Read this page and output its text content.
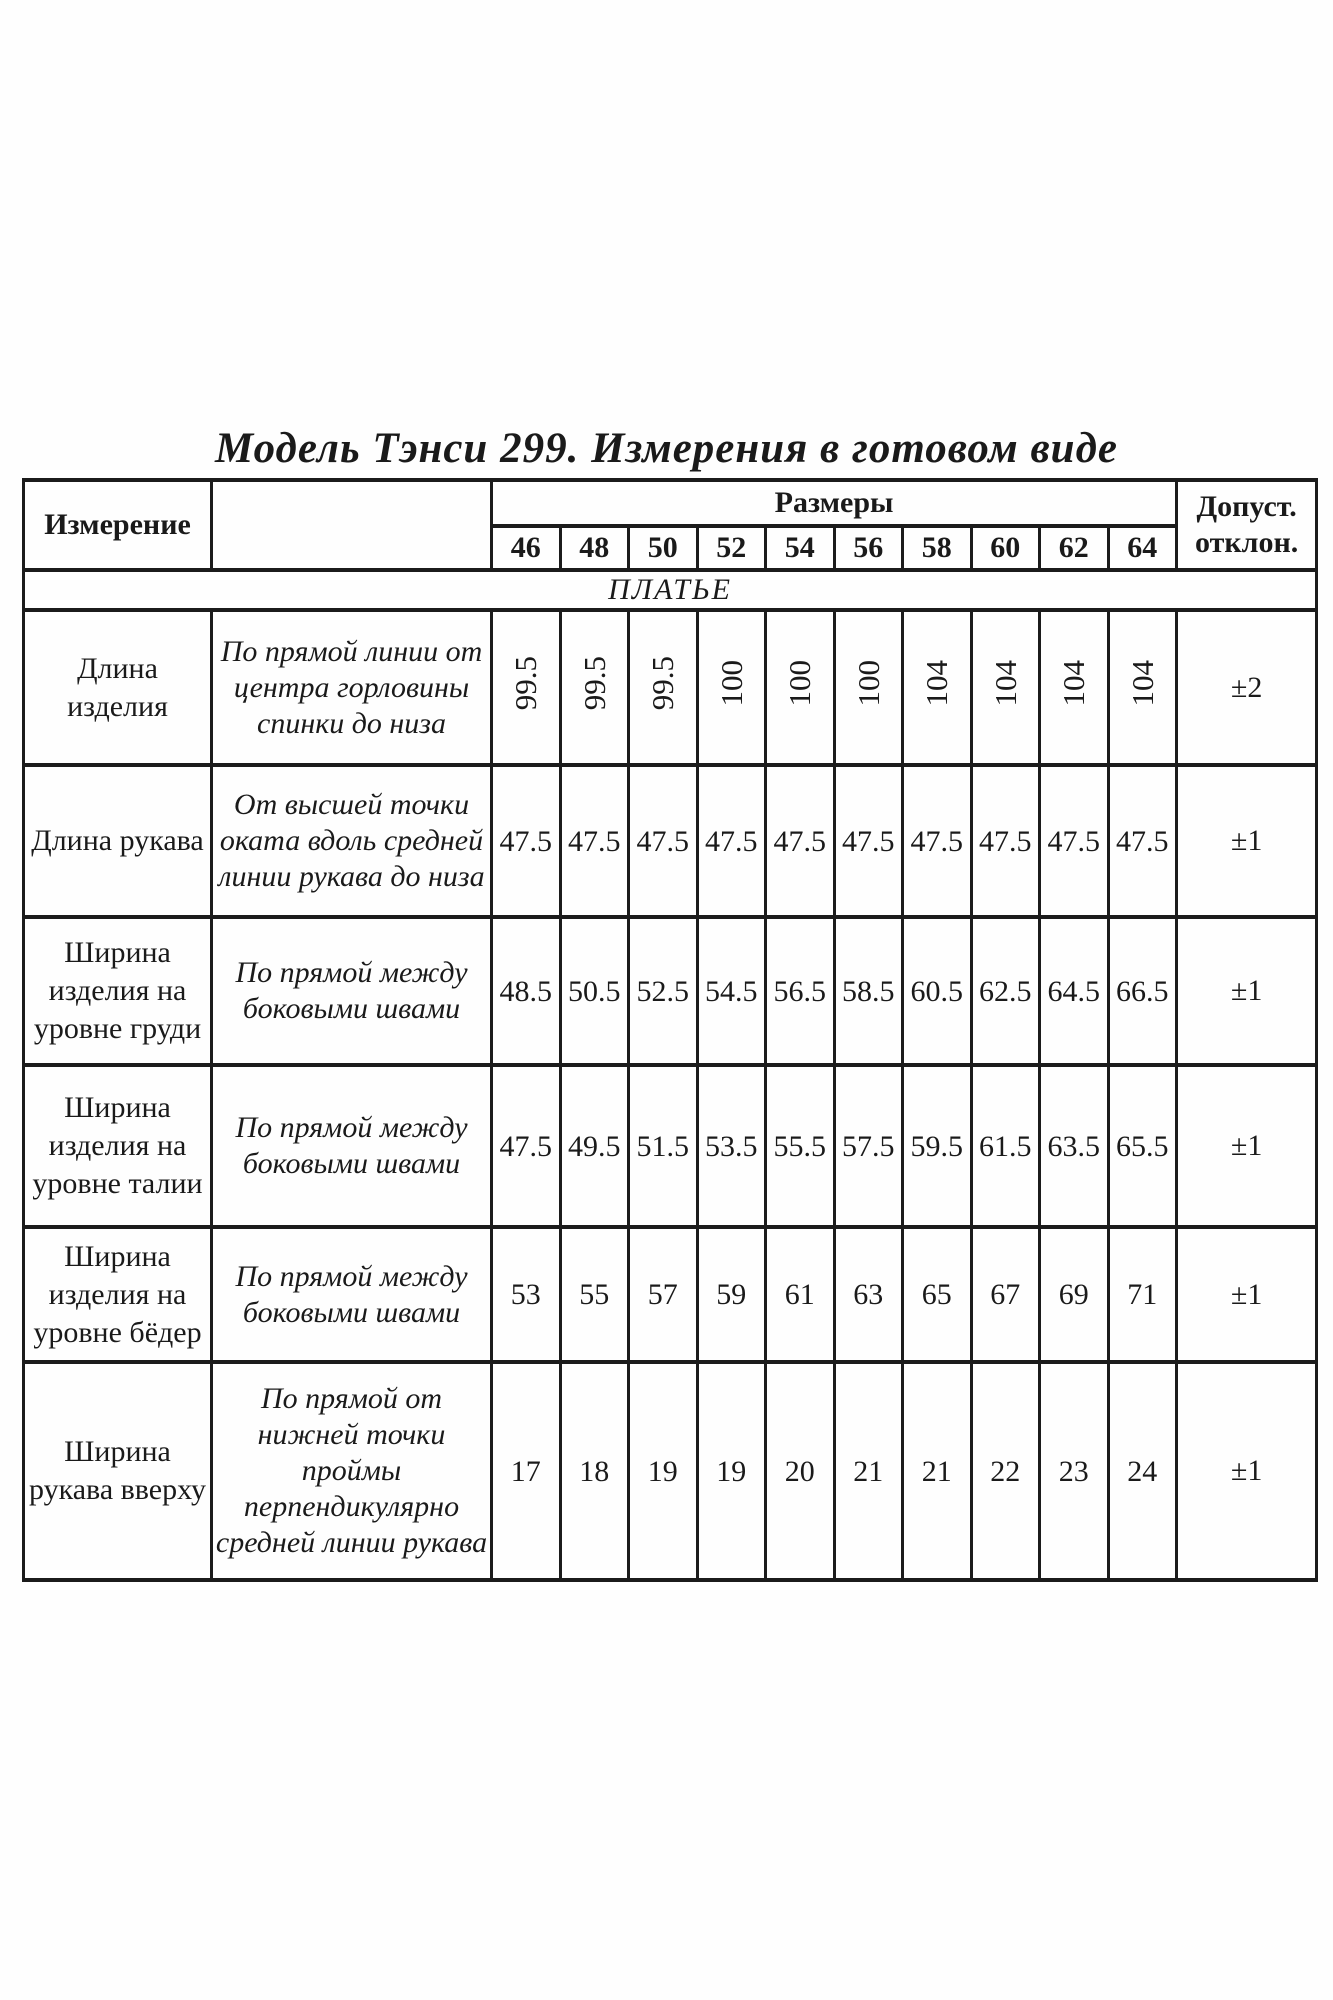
Модель Тэнси 299. Измерения в готовом виде
Измерение		Размеры										Допуст. отклон.
		46	48	50	52	54	56	58	60	62	64	
ПЛАТЬЕ												
Длина изделия	По прямой линии от центра горловины спинки до низа	99.5	99.5	99.5	100	100	100	104	104	104	104	±2
Длина рукава	От высшей точки оката вдоль средней линии рукава до низа	47.5	47.5	47.5	47.5	47.5	47.5	47.5	47.5	47.5	47.5	±1
Ширина изделия на уровне груди	По прямой между боковыми швами	48.5	50.5	52.5	54.5	56.5	58.5	60.5	62.5	64.5	66.5	±1
Ширина изделия на уровне талии	По прямой между боковыми швами	47.5	49.5	51.5	53.5	55.5	57.5	59.5	61.5	63.5	65.5	±1
Ширина изделия на уровне бёдер	По прямой между боковыми швами	53	55	57	59	61	63	65	67	69	71	±1
Ширина рукава вверху	По прямой от нижней точки проймы перпендикулярно средней линии рукава	17	18	19	19	20	21	21	22	23	24	±1
